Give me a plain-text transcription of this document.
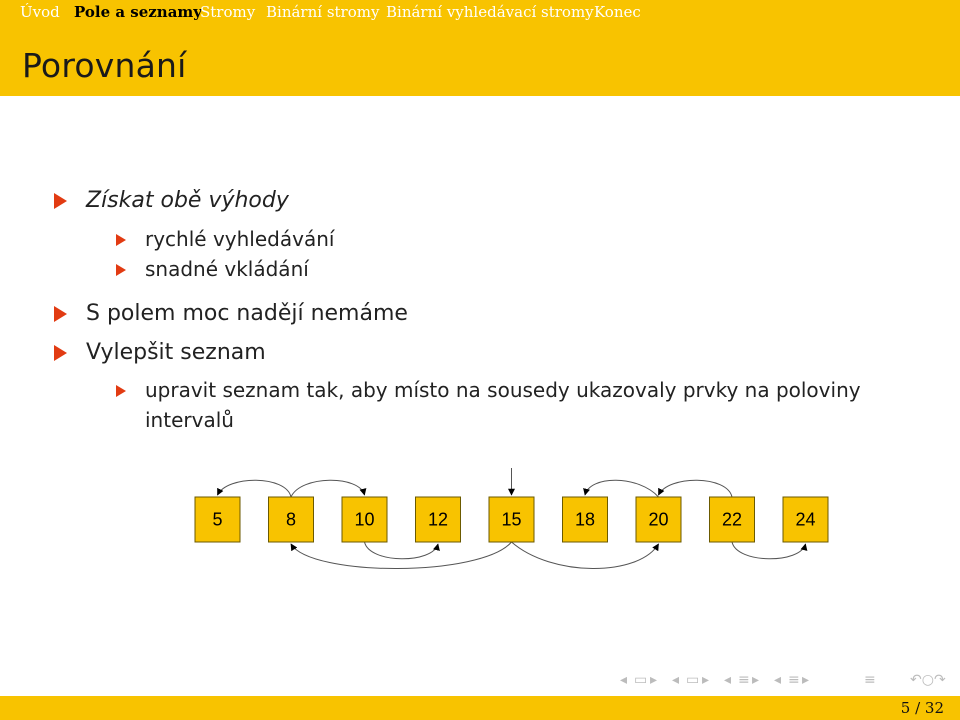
Úvod Pole a seznamy
Stromy Binární stromy Binární vyhledávací stromy Konec
Porovnání
Získat obě výhody
rychlé vyhledávání
snadné vkládání
S polem moc nadějí nemáme
Vylepšit seznam
upravit seznam tak, aby místo na sousedy ukazovaly prvky na poloviny
intervalů
5	8	10	12	15	18	20	22	24
◂ ▭ ▸ ◂ ▭ ▸ ◂ ≡ ▸ ◂ ≡ ▸	≡ ↶○↷
5 / 32
